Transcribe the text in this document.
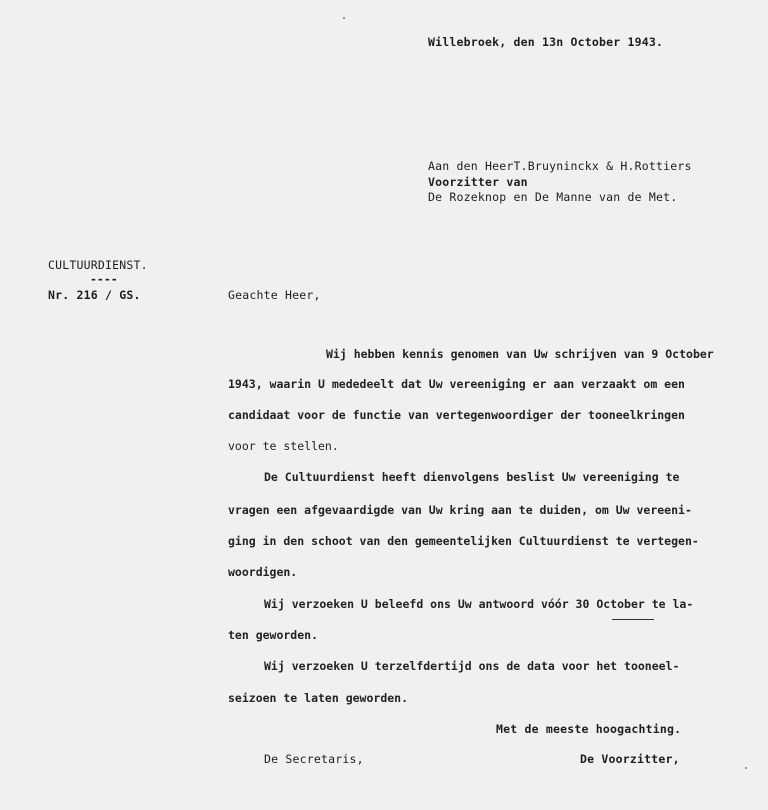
Willebroek, den 13n October 1943.
Aan den HeerT.Bruyninckx & H.Rottiers
Voorzitter van
De Rozeknop en De Manne van de Met.
CULTUURDIENST.
----
Nr. 216 / GS.	Geachte Heer,
Wij hebben kennis genomen van Uw schrijven van 9 October
1943, waarin U mededeelt dat Uw vereeniging er aan verzaakt om een
candidaat voor de functie van vertegenwoordiger der tooneelkringen
voor te stellen.
De Cultuurdienst heeft dienvolgens beslist Uw vereeniging te
vragen een afgevaardigde van Uw kring aan te duiden, om Uw vereeni-
ging in den schoot van den gemeentelijken Cultuurdienst te vertegen-
woordigen.
Wij verzoeken U beleefd ons Uw antwoord vóór 30 October te la-
ten geworden.
Wij verzoeken U terzelfdertijd ons de data voor het tooneel-
seizoen te laten geworden.
Met de meeste hoogachting.
De Secretaris,	De Voorzitter,
